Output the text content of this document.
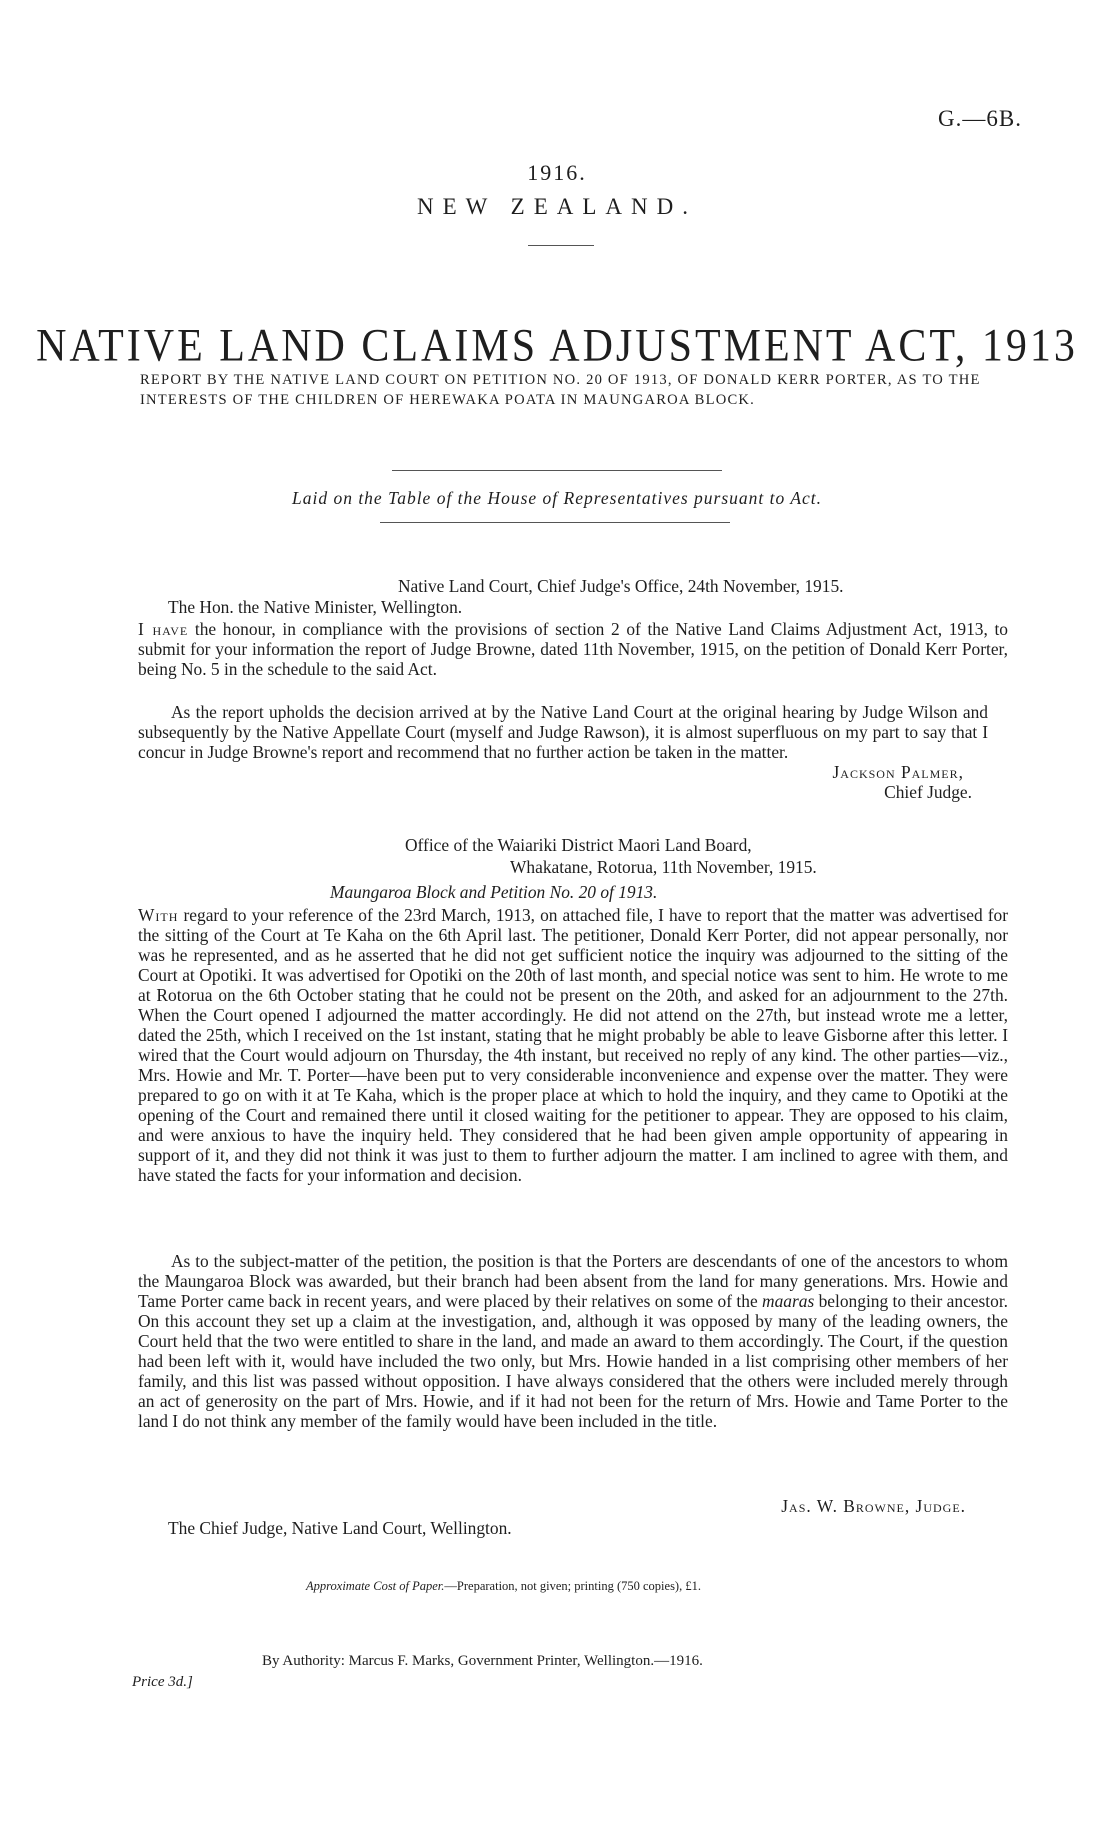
G.—6B.
1916.
NEW ZEALAND.
NATIVE LAND CLAIMS ADJUSTMENT ACT, 1913
REPORT BY THE NATIVE LAND COURT ON PETITION NO. 20 OF 1913, OF DONALD KERR PORTER, AS TO THE INTERESTS OF THE CHILDREN OF HEREWAKA POATA IN MAUNGAROA BLOCK.
Laid on the Table of the House of Representatives pursuant to Act.
Native Land Court, Chief Judge's Office, 24th November, 1915.
The Hon. the Native Minister, Wellington.
I have the honour, in compliance with the provisions of section 2 of the Native Land Claims Adjustment Act, 1913, to submit for your information the report of Judge Browne, dated 11th November, 1915, on the petition of Donald Kerr Porter, being No. 5 in the schedule to the said Act.
As the report upholds the decision arrived at by the Native Land Court at the original hearing by Judge Wilson and subsequently by the Native Appellate Court (myself and Judge Rawson), it is almost superfluous on my part to say that I concur in Judge Browne's report and recommend that no further action be taken in the matter.
Jackson Palmer,
Chief Judge.
Office of the Waiariki District Maori Land Board,
Whakatane, Rotorua, 11th November, 1915.
Maungaroa Block and Petition No. 20 of 1913.
With regard to your reference of the 23rd March, 1913, on attached file, I have to report that the matter was advertised for the sitting of the Court at Te Kaha on the 6th April last. The petitioner, Donald Kerr Porter, did not appear personally, nor was he represented, and as he asserted that he did not get sufficient notice the inquiry was adjourned to the sitting of the Court at Opotiki. It was advertised for Opotiki on the 20th of last month, and special notice was sent to him. He wrote to me at Rotorua on the 6th October stating that he could not be present on the 20th, and asked for an adjournment to the 27th. When the Court opened I adjourned the matter accordingly. He did not attend on the 27th, but instead wrote me a letter, dated the 25th, which I received on the 1st instant, stating that he might probably be able to leave Gisborne after this letter. I wired that the Court would adjourn on Thursday, the 4th instant, but received no reply of any kind. The other parties—viz., Mrs. Howie and Mr. T. Porter—have been put to very considerable inconvenience and expense over the matter. They were prepared to go on with it at Te Kaha, which is the proper place at which to hold the inquiry, and they came to Opotiki at the opening of the Court and remained there until it closed waiting for the petitioner to appear. They are opposed to his claim, and were anxious to have the inquiry held. They considered that he had been given ample opportunity of appearing in support of it, and they did not think it was just to them to further adjourn the matter. I am inclined to agree with them, and have stated the facts for your information and decision.
As to the subject-matter of the petition, the position is that the Porters are descendants of one of the ancestors to whom the Maungaroa Block was awarded, but their branch had been absent from the land for many generations. Mrs. Howie and Tame Porter came back in recent years, and were placed by their relatives on some of the maaras belonging to their ancestor. On this account they set up a claim at the investigation, and, although it was opposed by many of the leading owners, the Court held that the two were entitled to share in the land, and made an award to them accordingly. The Court, if the question had been left with it, would have included the two only, but Mrs. Howie handed in a list comprising other members of her family, and this list was passed without opposition. I have always considered that the others were included merely through an act of generosity on the part of Mrs. Howie, and if it had not been for the return of Mrs. Howie and Tame Porter to the land I do not think any member of the family would have been included in the title.
Jas. W. Browne, Judge.
The Chief Judge, Native Land Court, Wellington.
Approximate Cost of Paper.—Preparation, not given; printing (750 copies), £1.
By Authority: Marcus F. Marks, Government Printer, Wellington.—1916.
Price 3d.]
